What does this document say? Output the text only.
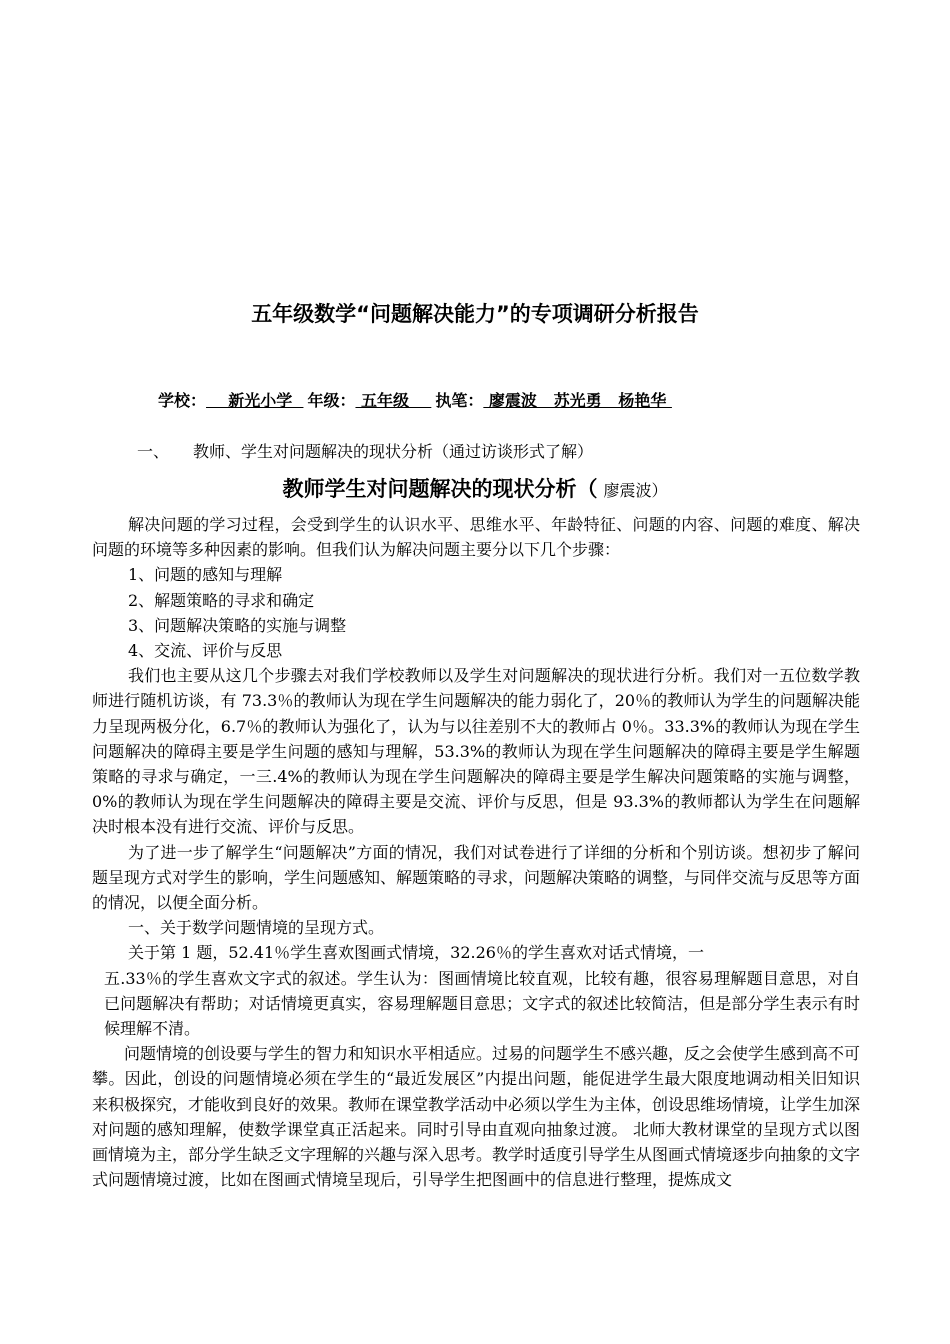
五年级数学“问题解决能力”的专项调研分析报告
学校：    新光小学  年级： 五年级    执笔： 廖震波   苏光勇   杨艳华
一、 教师、学生对问题解决的现状分析（通过访谈形式了解）
教师学生对问题解决的现状分析（ 廖震波）

解决问题的学习过程，会受到学生的认识水平、思维水平、年龄特征、问题的内容、问题的难度、解决问题的环境等多种因素的影响。但我们认为解决问题主要分以下几个步骤：

1、问题的感知与理解

2、解题策略的寻求和确定

3、问题解决策略的实施与调整

4、交流、评价与反思

我们也主要从这几个步骤去对我们学校教师以及学生对问题解决的现状进行分析。我们对一五位数学教师进行随机访谈，有 73.3％的教师认为现在学生问题解决的能力弱化了，20％的教师认为学生的问题解决能力呈现两极分化，6.7％的教师认为强化了，认为与以往差别不大的教师占 0％。33.3%的教师认为现在学生问题解决的障碍主要是学生问题的感知与理解，53.3%的教师认为现在学生问题解决的障碍主要是学生解题策略的寻求与确定，一三.4%的教师认为现在学生问题解决的障碍主要是学生解决问题策略的实施与调整，0%的教师认为现在学生问题解决的障碍主要是交流、评价与反思，但是 93.3%的教师都认为学生在问题解决时根本没有进行交流、评价与反思。

为了进一步了解学生“问题解决”方面的情况，我们对试卷进行了详细的分析和个别访谈。想初步了解问题呈现方式对学生的影响，学生问题感知、解题策略的寻求，问题解决策略的调整，与同伴交流与反思等方面的情况，以便全面分析。

一、关于数学问题情境的呈现方式。

关于第 1 题，52.41％学生喜欢图画式情境，32.26％的学生喜欢对话式情境，一

五.33％的学生喜欢文字式的叙述。学生认为：图画情境比较直观，比较有趣，很容易理解题目意思，对自已问题解决有帮助；对话情境更真实，容易理解题目意思；文字式的叙述比较简洁，但是部分学生表示有时候理解不清。

问题情境的创设要与学生的智力和知识水平相适应。过易的问题学生不感兴趣，反之会使学生感到高不可攀。因此，创设的问题情境必须在学生的“最近发展区”内提出问题，能促进学生最大限度地调动相关旧知识来积极探究，才能收到良好的效果。教师在课堂教学活动中必须以学生为主体，创设思维场情境，让学生加深对问题的感知理解，使数学课堂真正活起来。同时引导由直观向抽象过渡。 北师大教材课堂的呈现方式以图画情境为主，部分学生缺乏文字理解的兴趣与深入思考。教学时适度引导学生从图画式情境逐步向抽象的文字式问题情境过渡，比如在图画式情境呈现后，引导学生把图画中的信息进行整理，提炼成文
